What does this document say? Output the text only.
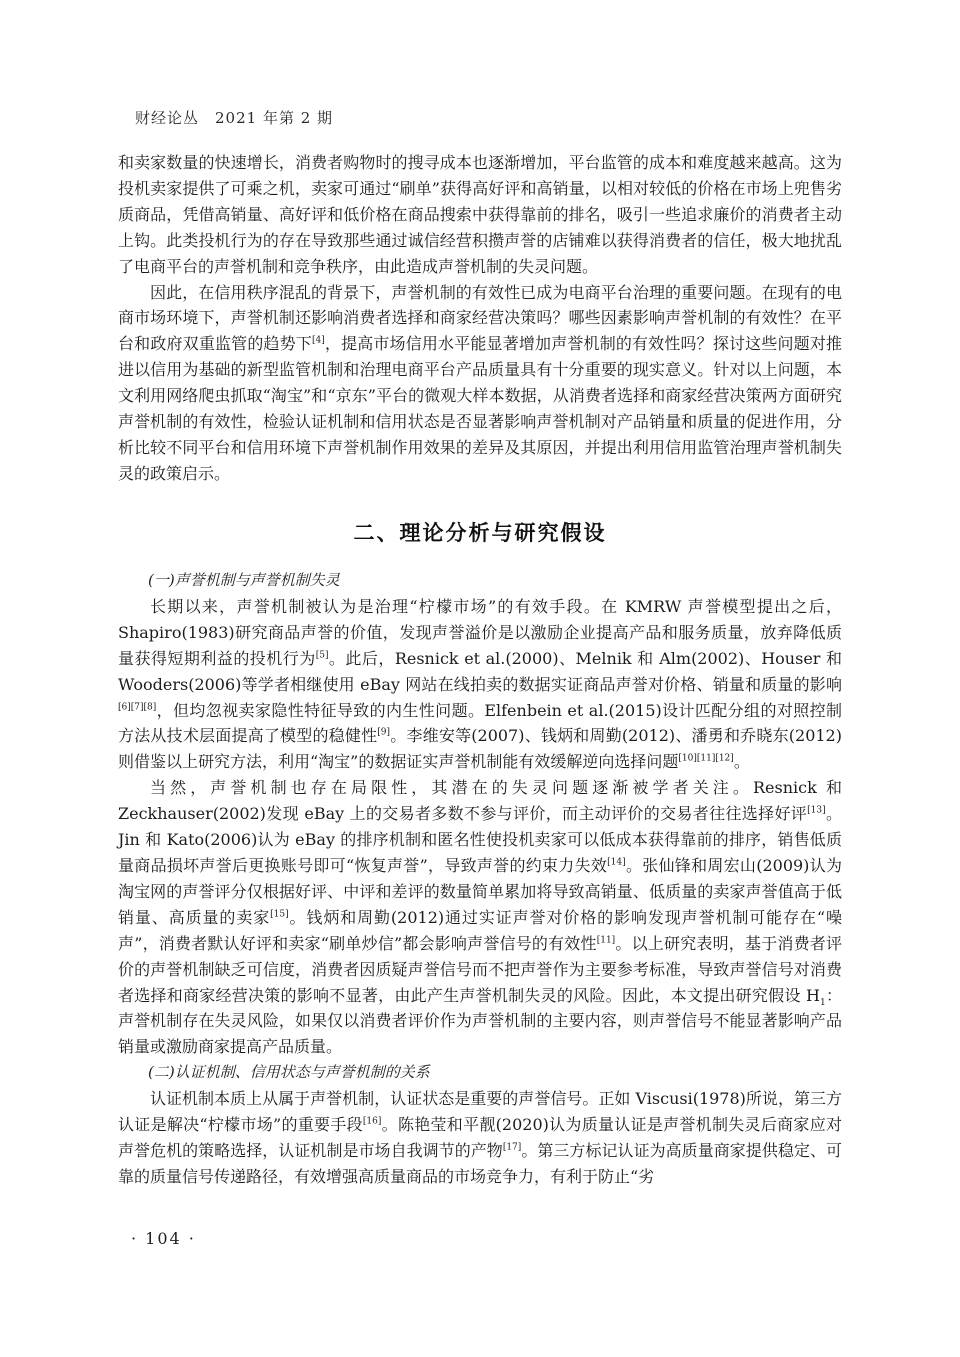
财经论丛 2021 年第 2 期

和卖家数量的快速增长，消费者购物时的搜寻成本也逐渐增加，平台监管的成本和难度越来越高。这为投机卖家提供了可乘之机，卖家可通过“刷单”获得高好评和高销量，以相对较低的价格在市场上兜售劣质商品，凭借高销量、高好评和低价格在商品搜索中获得靠前的排名，吸引一些追求廉价的消费者主动上钩。此类投机行为的存在导致那些通过诚信经营积攒声誉的店铺难以获得消费者的信任，极大地扰乱了电商平台的声誉机制和竞争秩序，由此造成声誉机制的失灵问题。

因此，在信用秩序混乱的背景下，声誉机制的有效性已成为电商平台治理的重要问题。在现有的电商市场环境下，声誉机制还影响消费者选择和商家经营决策吗？哪些因素影响声誉机制的有效性？在平台和政府双重监管的趋势下[4]，提高市场信用水平能显著增加声誉机制的有效性吗？探讨这些问题对推进以信用为基础的新型监管机制和治理电商平台产品质量具有十分重要的现实意义。针对以上问题，本文利用网络爬虫抓取“淘宝”和“京东”平台的微观大样本数据，从消费者选择和商家经营决策两方面研究声誉机制的有效性，检验认证机制和信用状态是否显著影响声誉机制对产品销量和质量的促进作用，分析比较不同平台和信用环境下声誉机制作用效果的差异及其原因，并提出利用信用监管治理声誉机制失灵的政策启示。

二、理论分析与研究假设

(一)声誉机制与声誉机制失灵

长期以来，声誉机制被认为是治理“柠檬市场”的有效手段。在 KMRW 声誉模型提出之后，Shapiro(1983)研究商品声誉的价值，发现声誉溢价是以激励企业提高产品和服务质量，放弃降低质量获得短期利益的投机行为[5]。此后，Resnick et al.(2000)、Melnik 和 Alm(2002)、Houser 和 Wooders(2006)等学者相继使用 eBay 网站在线拍卖的数据实证商品声誉对价格、销量和质量的影响[6][7][8]，但均忽视卖家隐性特征导致的内生性问题。Elfenbein et al.(2015)设计匹配分组的对照控制方法从技术层面提高了模型的稳健性[9]。李维安等(2007)、钱炳和周勤(2012)、潘勇和乔晓东(2012)则借鉴以上研究方法，利用“淘宝”的数据证实声誉机制能有效缓解逆向选择问题[10][11][12]。

当然，声誉机制也存在局限性，其潜在的失灵问题逐渐被学者关注。Resnick 和 Zeckhauser(2002)发现 eBay 上的交易者多数不参与评价，而主动评价的交易者往往选择好评[13]。Jin 和 Kato(2006)认为 eBay 的排序机制和匿名性使投机卖家可以低成本获得靠前的排序，销售低质量商品损坏声誉后更换账号即可“恢复声誉”，导致声誉的约束力失效[14]。张仙锋和周宏山(2009)认为淘宝网的声誉评分仅根据好评、中评和差评的数量简单累加将导致高销量、低质量的卖家声誉值高于低销量、高质量的卖家[15]。钱炳和周勤(2012)通过实证声誉对价格的影响发现声誉机制可能存在“噪声”，消费者默认好评和卖家“刷单炒信”都会影响声誉信号的有效性[11]。以上研究表明，基于消费者评价的声誉机制缺乏可信度，消费者因质疑声誉信号而不把声誉作为主要参考标准，导致声誉信号对消费者选择和商家经营决策的影响不显著，由此产生声誉机制失灵的风险。因此，本文提出研究假设 $H_1$：声誉机制存在失灵风险，如果仅以消费者评价作为声誉机制的主要内容，则声誉信号不能显著影响产品销量或激励商家提高产品质量。

(二)认证机制、信用状态与声誉机制的关系

认证机制本质上从属于声誉机制，认证状态是重要的声誉信号。正如 Viscusi(1978)所说，第三方认证是解决“柠檬市场”的重要手段[16]。陈艳莹和平靓(2020)认为质量认证是声誉机制失灵后商家应对声誉危机的策略选择，认证机制是市场自我调节的产物[17]。第三方标记认证为高质量商家提供稳定、可靠的质量信号传递路径，有效增强高质量商品的市场竞争力，有利于防止“劣

· 104 ·
